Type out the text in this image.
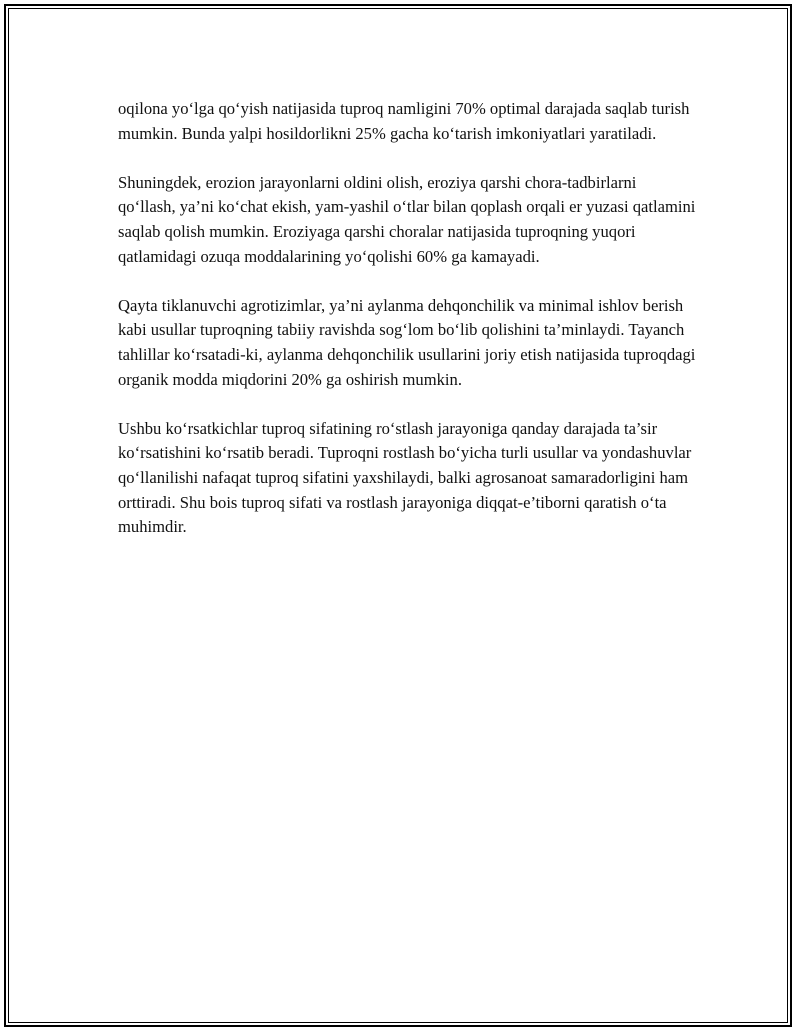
oqilona yo‘lga qo‘yish natijasida tuproq namligini 70% optimal darajada saqlab turish mumkin. Bunda yalpi hosildorlikni 25% gacha ko‘tarish imkoniyatlari yaratiladi.

Shuningdek, erozion jarayonlarni oldini olish, eroziya qarshi chora-tadbirlarni qo‘llash, ya’ni ko‘chat ekish, yam-yashil o‘tlar bilan qoplash orqali er yuzasi qatlamini saqlab qolish mumkin. Eroziyaga qarshi choralar natijasida tuproqning yuqori qatlamidagi ozuqa moddalarining yo‘qolishi 60% ga kamayadi.

Qayta tiklanuvchi agrotizimlar, ya’ni aylanma dehqonchilik va minimal ishlov berish kabi usullar tuproqning tabiiy ravishda sog‘lom bo‘lib qolishini ta’minlaydi. Tayanch tahlillar ko‘rsatadi-ki, aylanma dehqonchilik usullarini joriy etish natijasida tuproqdagi organik modda miqdorini 20% ga oshirish mumkin.

Ushbu ko‘rsatkichlar tuproq sifatining ro‘stlash jarayoniga qanday darajada ta’sir ko‘rsatishini ko‘rsatib beradi. Tuproqni rostlash bo‘yicha turli usullar va yondashuvlar qo‘llanilishi nafaqat tuproq sifatini yaxshilaydi, balki agrosanoat samaradorligini ham orttiradi. Shu bois tuproq sifati va rostlash jarayoniga diqqat-e’tiborni qaratish o‘ta muhimdir.
